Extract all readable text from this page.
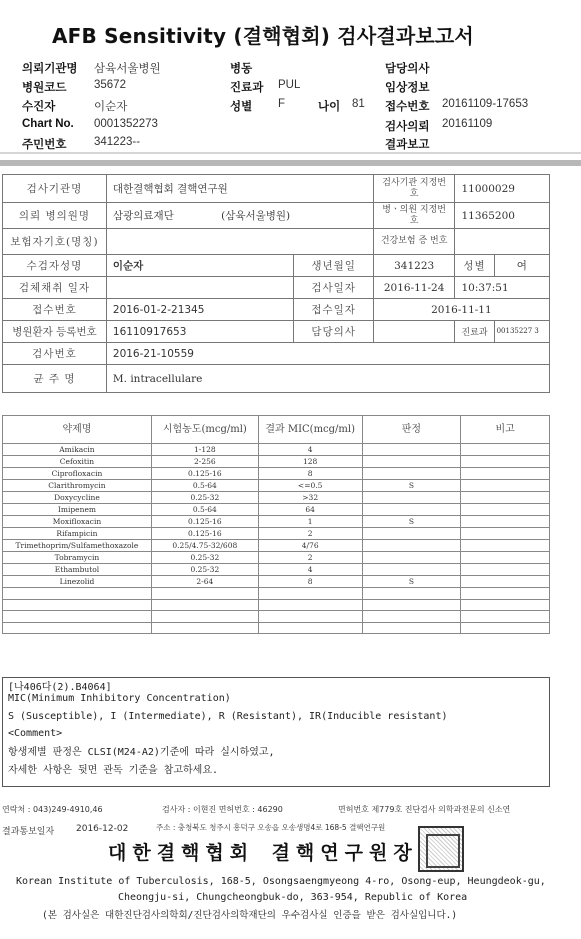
AFB Sensitivity (결핵협회) 검사결과보고서
의뢰기관명 삼육서울병원	병동	담당의사
병원코드 35672	진료과 PUL	임상정보
수진자	이순자	성별 F	나이 81 접수번호 20161109-17653
Chart No. 0001352273	검사의뢰 20161109
주민번호 341223--	결과보고
검사기관명	대한결핵협회 결핵연구원		검사기관 지정번호	11000029	
의뢰 병의원명	삼광의료재단 (삼육서울병원)		병ㆍ의원 지정번호	11365200	
보험자기호(명칭)			건강보험 증 번호		
수검자성명	이순자	생년월일	341223	성별	여
검체채취 일자		검사일자	2016-11-24	10:37:51	
접수번호	2016-01-2-21345	접수일자	2016-11-11		
병원환자 등록번호	16110917653	담당의사		진료과	00135227 3
검사번호	2016-21-10559				
균 주 명	M. intracellulare				
약제명	시험농도(mcg/ml)	결과 MIC(mcg/ml)	판정	비고
Amikacin	1-128	4		
Cefoxitin	2-256	128		
Ciprofloxacin	0.125-16	8		
Clarithromycin	0.5-64	<=0.5	S	
Doxycycline	0.25-32	>32		
Imipenem	0.5-64	64		
Moxifloxacin	0.125-16	1	S	
Rifampicin	0.125-16	2		
Trimethoprim/Sulfamethoxazole	0.25/4.75-32/608	4/76		
Tobramycin	0.25-32	2		
Ethambutol	0.25-32	4		
Linezolid	2-64	8	S	

[나406다(2).B4064]
MIC(Minimum Inhibitory Concentration)
S (Susceptible), I (Intermediate), R (Resistant), IR(Inducible resistant)
<Comment>
항생제별 판정은 CLSI(M24-A2)기준에 따라 실시하였고,
자세한 사항은 뒷면 관독 기준을 참고하세요.
연락처 : 043)249-4910,46	검사자 : 이현진 면허번호 : 46290	면허번호 제779호 진단검사 의학과전문의 신소연
결과통보일자 2016-12-02	주소 : 충청북도 청주시 흥덕구 오송읍 오송생명4로 168-5 결핵연구원
대한결핵협회 결핵연구원장
Korean Institute of Tuberculosis, 168-5, Osongsaengmyeong 4-ro, Osong-eup, Heungdeok-gu,
Cheongju-si, Chungcheongbuk-do, 363-954, Republic of Korea
(본 검사실은 대한진단검사의학회/진단검사의학재단의 우수검사실 인증을 받은 검사실입니다.)
